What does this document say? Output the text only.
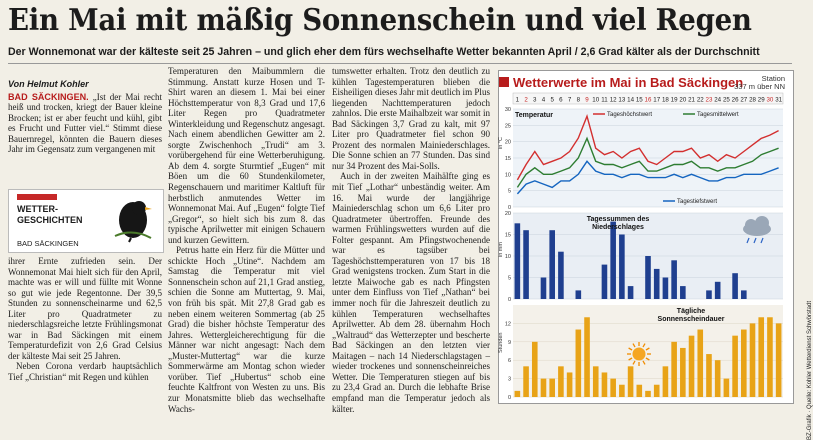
Ein Mai mit mäßig Sonnenschein und viel Regen
Der Wonnemonat war der kälteste seit 25 Jahren – und glich eher dem fürs wechselhafte Wetter bekannten April / 2,6 Grad kälter als der Durchschnitt
Von Helmut Kohler

BAD SÄCKINGEN. „Ist der Mai recht heiß und trocken, kriegt der Bauer kleine Brocken; ist er aber feucht und kühl, gibt es Frucht und Futter viel.“ Stimmt diese Bauernregel, könnten die Bauern dieses Jahr im Gegensatz zum vergangenen mit

WETTER-
GESCHICHTEN
BAD SÄCKINGEN

ihrer Ernte zufrieden sein. Der Wonnemonat Mai hielt sich für den April, machte was er will und füllte mit Wonne so gut wie jede Regentonne. Der 39,5 Stunden zu sonnenscheinarme und 62,5 Liter pro Quadratmeter zu niederschlagsreiche letzte Frühlingsmonat war in Bad Säckingen mit einem Temperaturdefizit von 2,6 Grad Celsius der kälteste Mai seit 25 Jahren.

Neben Corona verdarb hauptsächlich Tief „Christian“ mit Regen und kühlen

Temperaturen den Maibummlern die Stimmung. Anstatt kurze Hosen und T-Shirt waren an diesem 1. Mai bei einer Höchsttemperatur von 8,3 Grad und 17,6 Liter Regen pro Quadratmeter Winterkleidung und Regenschutz angesagt. Nach einem abendlichen Gewitter am 2. sorgte Zwischenhoch „Trudi“ am 3. vorübergehend für eine Wetterberuhigung. Ab dem 4. sorgte Sturmtief „Eugen“ mit Böen um die 60 Stundenkilometer, Regenschauern und maritimer Kaltluft für herbstlich anmutendes Wetter im Wonnemonat Mai. Auf „Eugen“ folgte Tief „Gregor“, so hielt sich bis zum 8. das typische Aprilwetter mit einigen Schauern und kurzen Gewittern.

Petrus hatte ein Herz für die Mütter und schickte Hoch „Utine“. Nachdem am Samstag die Temperatur mit viel Sonnenschein schon auf 21,1 Grad anstieg, schien die Sonne am Muttertag, 9. Mai, von früh bis spät. Mit 27,8 Grad gab es neben einem weiteren Sommertag (ab 25 Grad) die bisher höchste Temperatur des Jahres. Wettergleicherechtigung für die Männer war nicht angesagt: Nach dem „Muster-Muttertag“ war die kurze Sommerwärme am Montag schon wieder vorüber. Tief „Hubertus“ schob eine feuchte Kaltfront von Westen zu uns. Bis zur Monatsmitte blieb das wechselhafte Wachs-

tumswetter erhalten. Trotz den deutlich zu kühlen Tagestemperaturen blieben die Eisheiligen dieses Jahr mit deutlich im Plus liegenden Nachttemperaturen jedoch zahnlos. Die erste Maihalbzeit war somit in Bad Säckingen 3,7 Grad zu kalt, mit 97 Liter pro Quadratmeter fiel schon 90 Prozent des normalen Mainiederschlages. Die Sonne schien an 77 Stunden. Das sind nur 34 Prozent des Mai-Solls.

Auch in der zweiten Maihälfte ging es mit Tief „Lothar“ unbeständig weiter. Am 16. Mai wurde der langjährige Mainiederschlag schon um 6,6 Liter pro Quadratmeter übertroffen. Freunde des warmen Frühlingswetters wurden auf die Folter gespannt. Am Pfingstwochenende war es tagsüber bei Tageshöchsttemperaturen von 17 bis 18 Grad wenigstens trocken. Zum Start in die letzte Maiwoche gab es nach Pfingsten unter dem Einfluss von Tief „Nathan“ bei immer noch für die Jahreszeit deutlich zu kühlen Temperaturen wechselhaftes Aprilwetter. Ab dem 28. übernahm Hoch „Waltraud“ das Wetterzepter und bescherte Bad Säckingen an den letzten vier Maitagen – nach 14 Niederschlagstagen – wieder trockenes und sonnenscheinreiches Wetter. Die Temperaturen stiegen auf bis zu 23,4 Grad an. Durch die lebhafte Brise empfand man die Temperatur jedoch als kälter.

Wetterwerte im Mai in Bad Säckingen	Station
337 m über NN
1 2 3 4 5 6 7 8 9 10 11 12 13 14 15 16 17 18 19 20 21 22 23 24 25 26 27 28 29 30 31
0
5
10
15
20
25
30
Temperatur
in °C
Tageshöchstwert	Tagesmittelwert
Tagestiefstwert
0
5
10
15
20
in mm
Tagessummen des
Niederschlages
0
3
6
9
12
Stunden
Tägliche
Sonnenscheindauer	BZ-Grafik · Quelle: Kohler Wetterdienst Schwörstadt
